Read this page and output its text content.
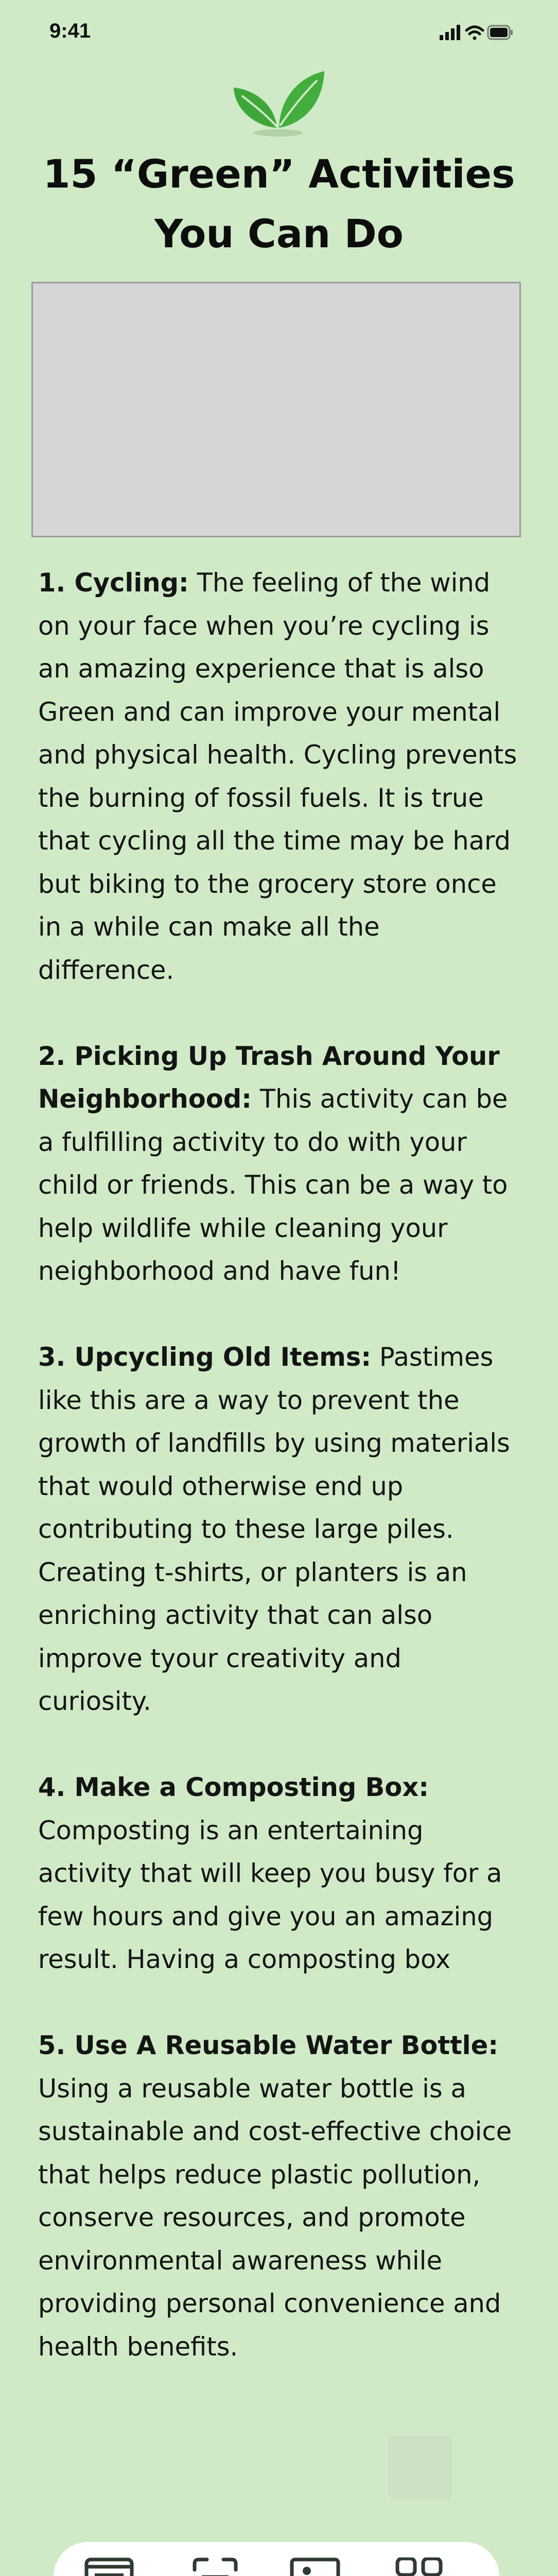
9:41
15 “Green” Activities You Can Do

1. Cycling: The feeling of the wind on your face when you’re cycling is an amazing experience that is also Green and can improve your mental and physical health. Cycling prevents the burning of fossil fuels. It is true that cycling all the time may be hard but biking to the grocery store once in a while can make all the difference.

2. Picking Up Trash Around Your Neighborhood: This activity can be a fulfilling activity to do with your child or friends. This can be a way to help wildlife while cleaning your neighborhood and have fun!

3. Upcycling Old Items: Pastimes like this are a way to prevent the growth of landfills by using materials that would otherwise end up contributing to these large piles. Creating t-shirts, or planters is an enriching activity that can also improve tyour creativity and curiosity.

4. Make a Composting Box: Composting is an entertaining activity that will keep you busy for a few hours and give you an amazing result. Having a composting box

5. Use A Reusable Water Bottle: Using a reusable water bottle is a sustainable and cost-effective choice that helps reduce plastic pollution, conserve resources, and promote environmental awareness while providing personal convenience and health benefits.
